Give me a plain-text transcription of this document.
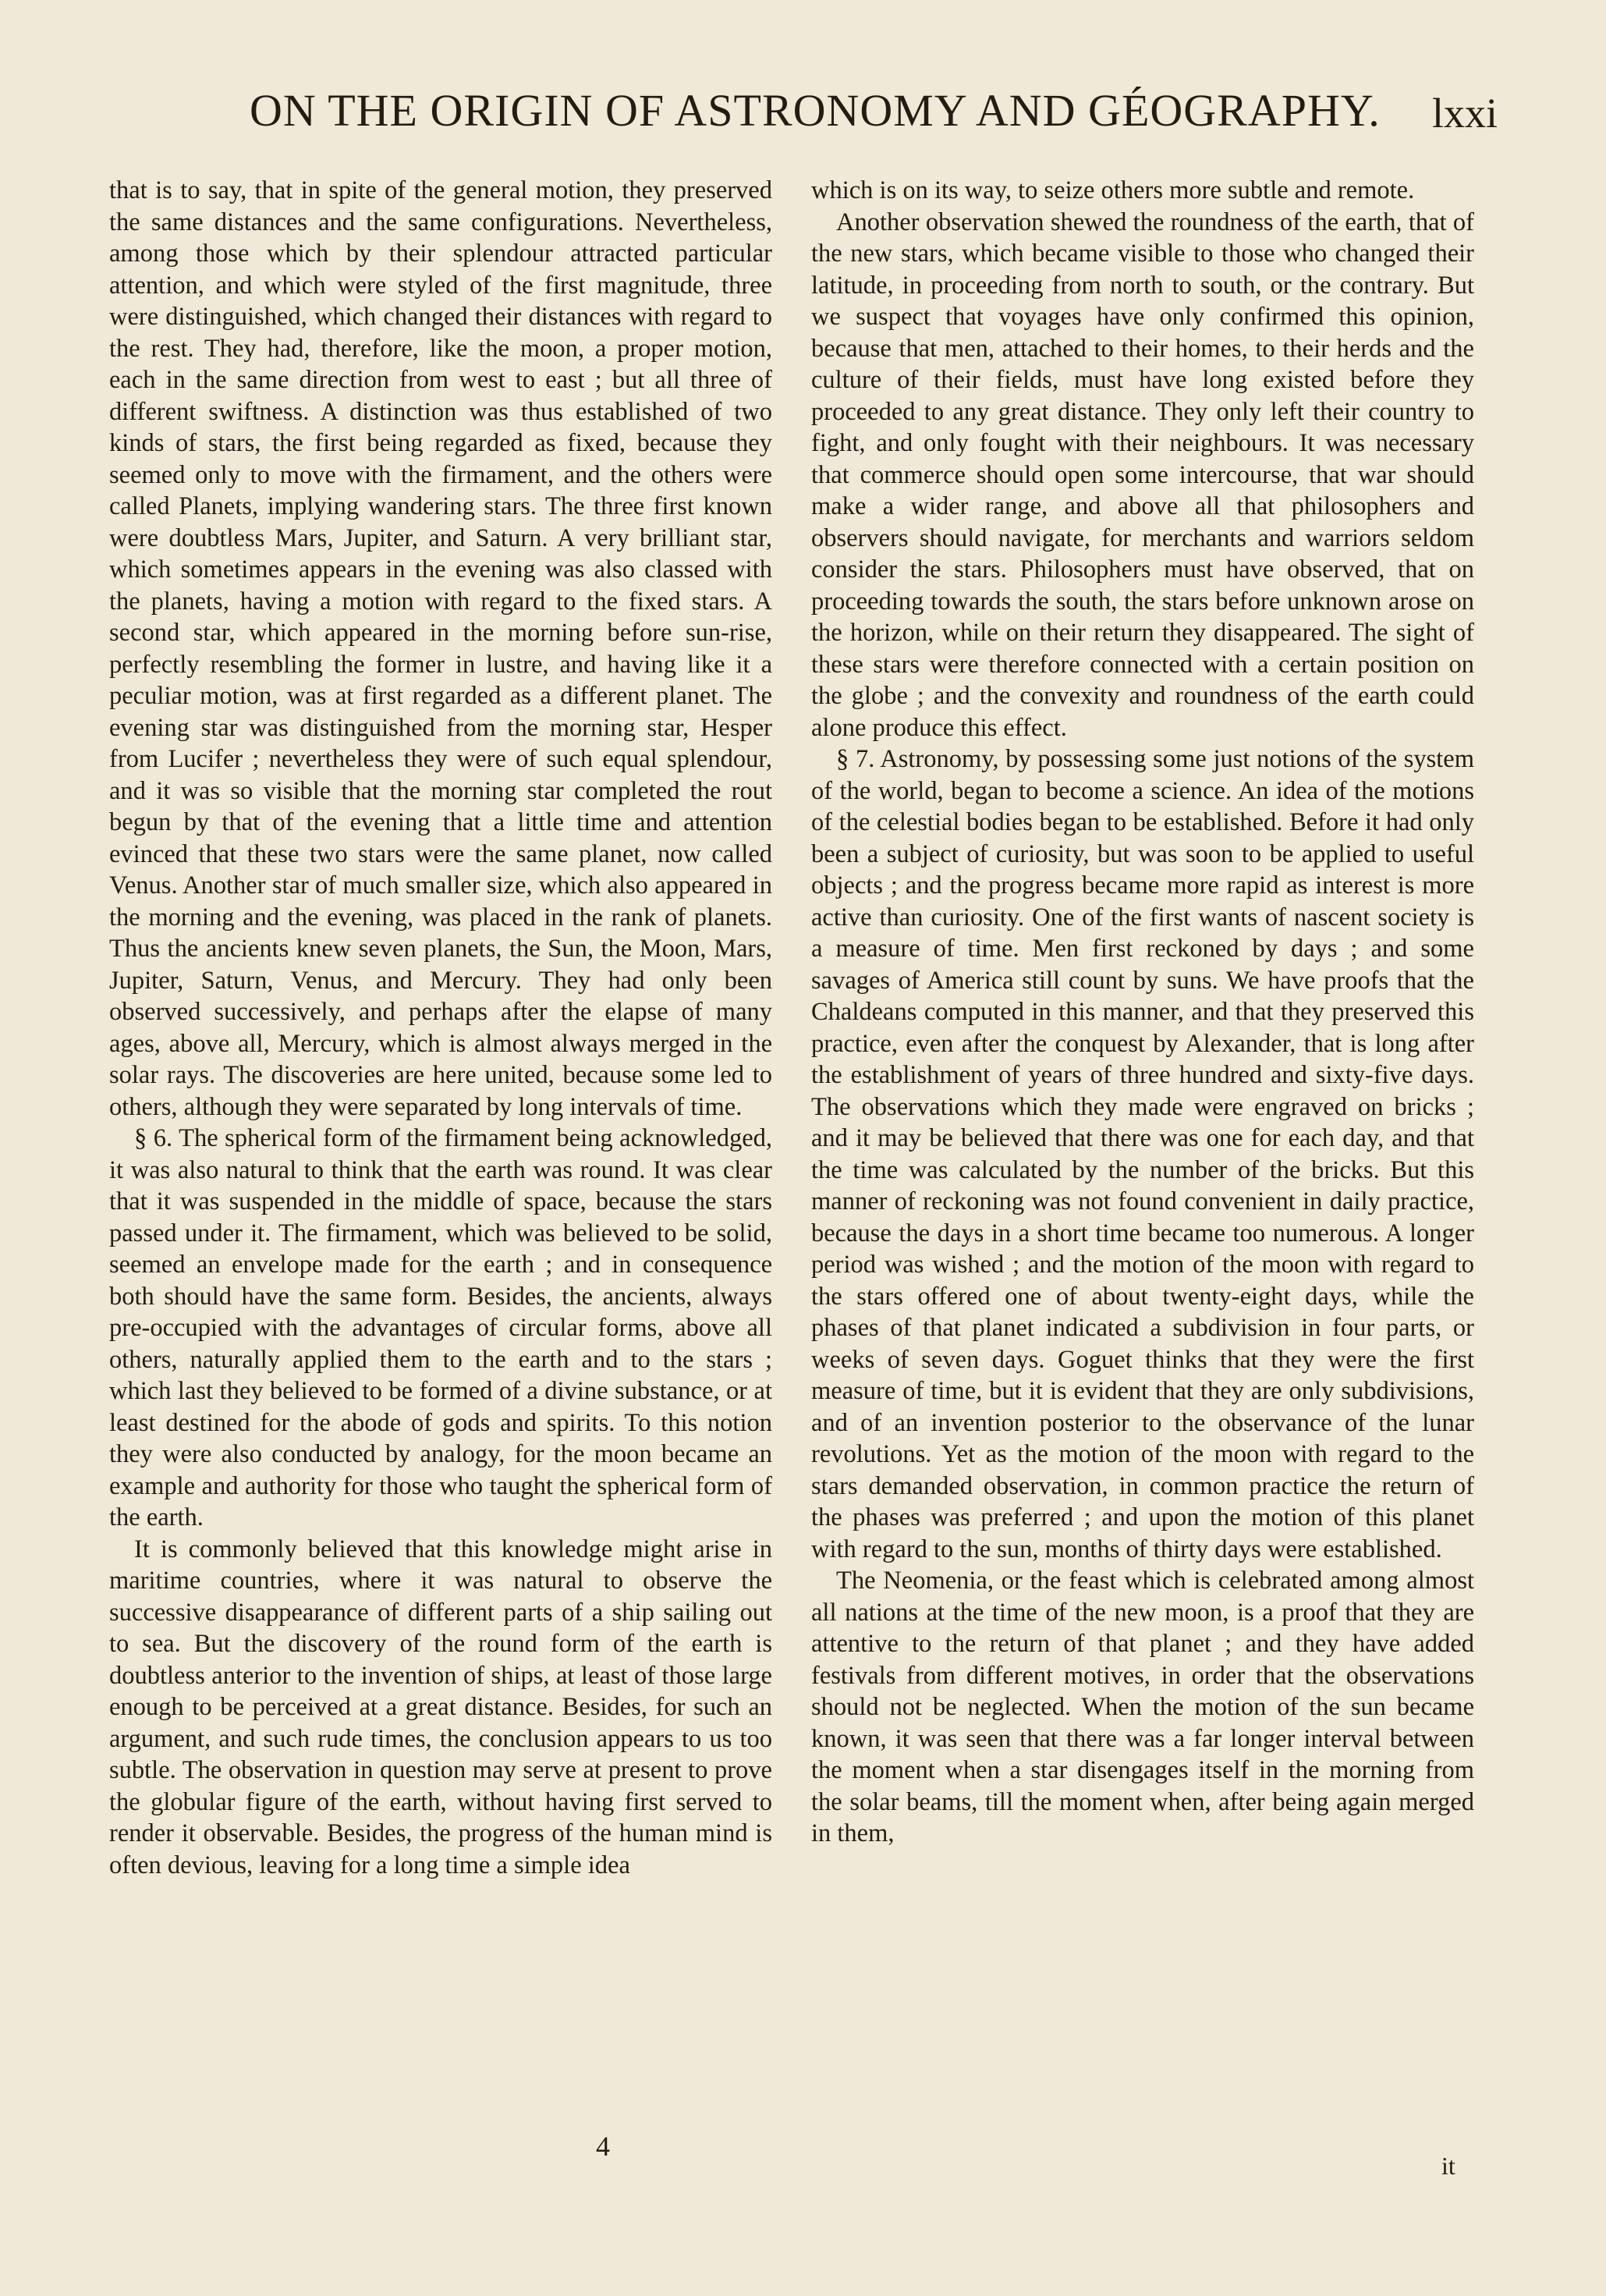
ON THE ORIGIN OF ASTRONOMY AND GÉOGRAPHY. lxxi

that is to say, that in spite of the general motion, they preserved the same distances and the same configurations. Nevertheless, among those which by their splendour attracted particular attention, and which were styled of the first magnitude, three were distinguished, which changed their distances with regard to the rest. They had, therefore, like the moon, a proper motion, each in the same direction from west to east ; but all three of different swiftness. A distinction was thus established of two kinds of stars, the first being regarded as fixed, because they seemed only to move with the firmament, and the others were called Planets, implying wandering stars. The three first known were doubtless Mars, Jupiter, and Saturn. A very brilliant star, which sometimes appears in the evening was also classed with the planets, having a motion with regard to the fixed stars. A second star, which appeared in the morning before sun-rise, perfectly resembling the former in lustre, and having like it a peculiar motion, was at first regarded as a different planet. The evening star was distinguished from the morning star, Hesper from Lucifer ; nevertheless they were of such equal splendour, and it was so visible that the morning star completed the rout begun by that of the evening that a little time and attention evinced that these two stars were the same planet, now called Venus. Another star of much smaller size, which also appeared in the morning and the evening, was placed in the rank of planets. Thus the ancients knew seven planets, the Sun, the Moon, Mars, Jupiter, Saturn, Venus, and Mercury. They had only been observed successively, and perhaps after the elapse of many ages, above all, Mercury, which is almost always merged in the solar rays. The discoveries are here united, because some led to others, although they were separated by long intervals of time.

§ 6. The spherical form of the firmament being acknowledged, it was also natural to think that the earth was round. It was clear that it was suspended in the middle of space, because the stars passed under it. The firmament, which was believed to be solid, seemed an envelope made for the earth ; and in consequence both should have the same form. Besides, the ancients, always pre-occupied with the advantages of circular forms, above all others, naturally applied them to the earth and to the stars ; which last they believed to be formed of a divine substance, or at least destined for the abode of gods and spirits. To this notion they were also conducted by analogy, for the moon became an example and authority for those who taught the spherical form of the earth.

It is commonly believed that this knowledge might arise in maritime countries, where it was natural to observe the successive disappearance of different parts of a ship sailing out to sea. But the discovery of the round form of the earth is doubtless anterior to the invention of ships, at least of those large enough to be perceived at a great distance. Besides, for such an argument, and such rude times, the conclusion appears to us too subtle. The observation in question may serve at present to prove the globular figure of the earth, without having first served to render it observable. Besides, the progress of the human mind is often devious, leaving for a long time a simple idea

which is on its way, to seize others more subtle and remote.

Another observation shewed the roundness of the earth, that of the new stars, which became visible to those who changed their latitude, in proceeding from north to south, or the contrary. But we suspect that voyages have only confirmed this opinion, because that men, attached to their homes, to their herds and the culture of their fields, must have long existed before they proceeded to any great distance. They only left their country to fight, and only fought with their neighbours. It was necessary that commerce should open some intercourse, that war should make a wider range, and above all that philosophers and observers should navigate, for merchants and warriors seldom consider the stars. Philosophers must have observed, that on proceeding towards the south, the stars before unknown arose on the horizon, while on their return they disappeared. The sight of these stars were therefore connected with a certain position on the globe ; and the convexity and roundness of the earth could alone produce this effect.

§ 7. Astronomy, by possessing some just notions of the system of the world, began to become a science. An idea of the motions of the celestial bodies began to be established. Before it had only been a subject of curiosity, but was soon to be applied to useful objects ; and the progress became more rapid as interest is more active than curiosity. One of the first wants of nascent society is a measure of time. Men first reckoned by days ; and some savages of America still count by suns. We have proofs that the Chaldeans computed in this manner, and that they preserved this practice, even after the conquest by Alexander, that is long after the establishment of years of three hundred and sixty-five days. The observations which they made were engraved on bricks ; and it may be believed that there was one for each day, and that the time was calculated by the number of the bricks. But this manner of reckoning was not found convenient in daily practice, because the days in a short time became too numerous. A longer period was wished ; and the motion of the moon with regard to the stars offered one of about twenty-eight days, while the phases of that planet indicated a subdivision in four parts, or weeks of seven days. Goguet thinks that they were the first measure of time, but it is evident that they are only subdivisions, and of an invention posterior to the observance of the lunar revolutions. Yet as the motion of the moon with regard to the stars demanded observation, in common practice the return of the phases was preferred ; and upon the motion of this planet with regard to the sun, months of thirty days were established.

The Neomenia, or the feast which is celebrated among almost all nations at the time of the new moon, is a proof that they are attentive to the return of that planet ; and they have added festivals from different motives, in order that the observations should not be neglected. When the motion of the sun became known, it was seen that there was a far longer interval between the moment when a star disengages itself in the morning from the solar beams, till the moment when, after being again merged in them,

4
it
